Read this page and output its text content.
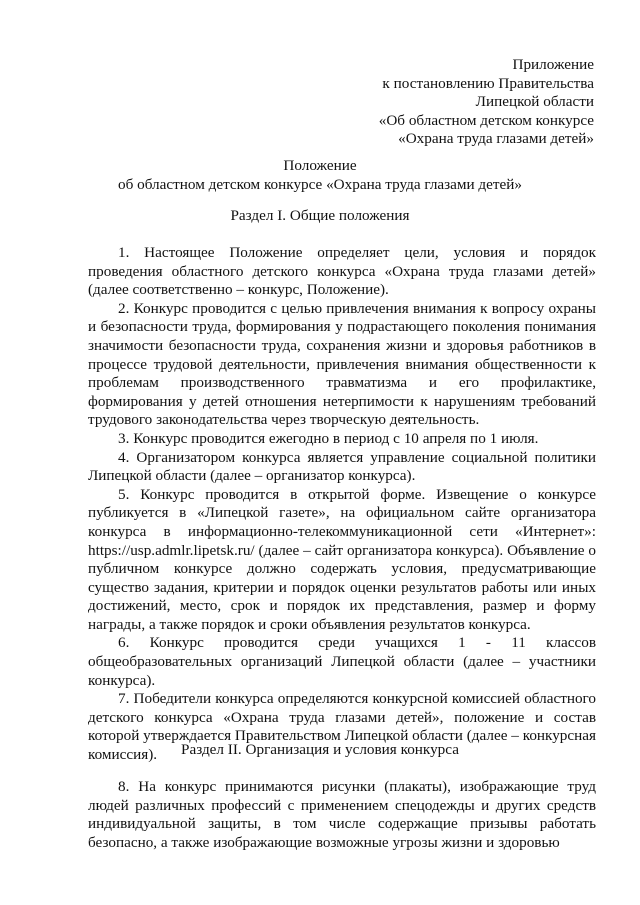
Приложение
к постановлению Правительства
Липецкой области
«Об областном детском конкурсе
«Охрана труда глазами детей»
Положение
об областном детском конкурсе «Охрана труда глазами детей»
Раздел I. Общие положения

1. Настоящее Положение определяет цели, условия и порядок проведения областного детского конкурса «Охрана труда глазами детей» (далее соответственно – конкурс, Положение).

2. Конкурс проводится с целью привлечения внимания к вопросу охраны и безопасности труда, формирования у подрастающего поколения понимания значимости безопасности труда, сохранения жизни и здоровья работников в процессе трудовой деятельности, привлечения внимания общественности к проблемам производственного травматизма и его профилактике, формирования у детей отношения нетерпимости к нарушениям требований трудового законодательства через творческую деятельность.

3. Конкурс проводится ежегодно в период с 10 апреля по 1 июля.

4. Организатором конкурса является управление социальной политики Липецкой области (далее – организатор конкурса).

5. Конкурс проводится в открытой форме. Извещение о конкурсе публикуется в «Липецкой газете», на официальном сайте организатора конкурса в информационно-телекоммуникационной сети «Интернет»: https://usp.admlr.lipetsk.ru/ (далее – сайт организатора конкурса). Объявление о публичном конкурсе должно содержать условия, предусматривающие существо задания, критерии и порядок оценки результатов работы или иных достижений, место, срок и порядок их представления, размер и форму награды, а также порядок и сроки объявления результатов конкурса.

6. Конкурс проводится среди учащихся 1 - 11 классов общеобразовательных организаций Липецкой области (далее – участники конкурса).

7. Победители конкурса определяются конкурсной комиссией областного детского конкурса «Охрана труда глазами детей», положение и состав которой утверждается Правительством Липецкой области (далее – конкурсная комиссия).	Раздел II. Организация и условия конкурса

8. На конкурс принимаются рисунки (плакаты), изображающие труд людей различных профессий с применением спецодежды и других средств индивидуальной защиты, в том числе содержащие призывы работать безопасно, а также изображающие возможные угрозы жизни и здоровью
